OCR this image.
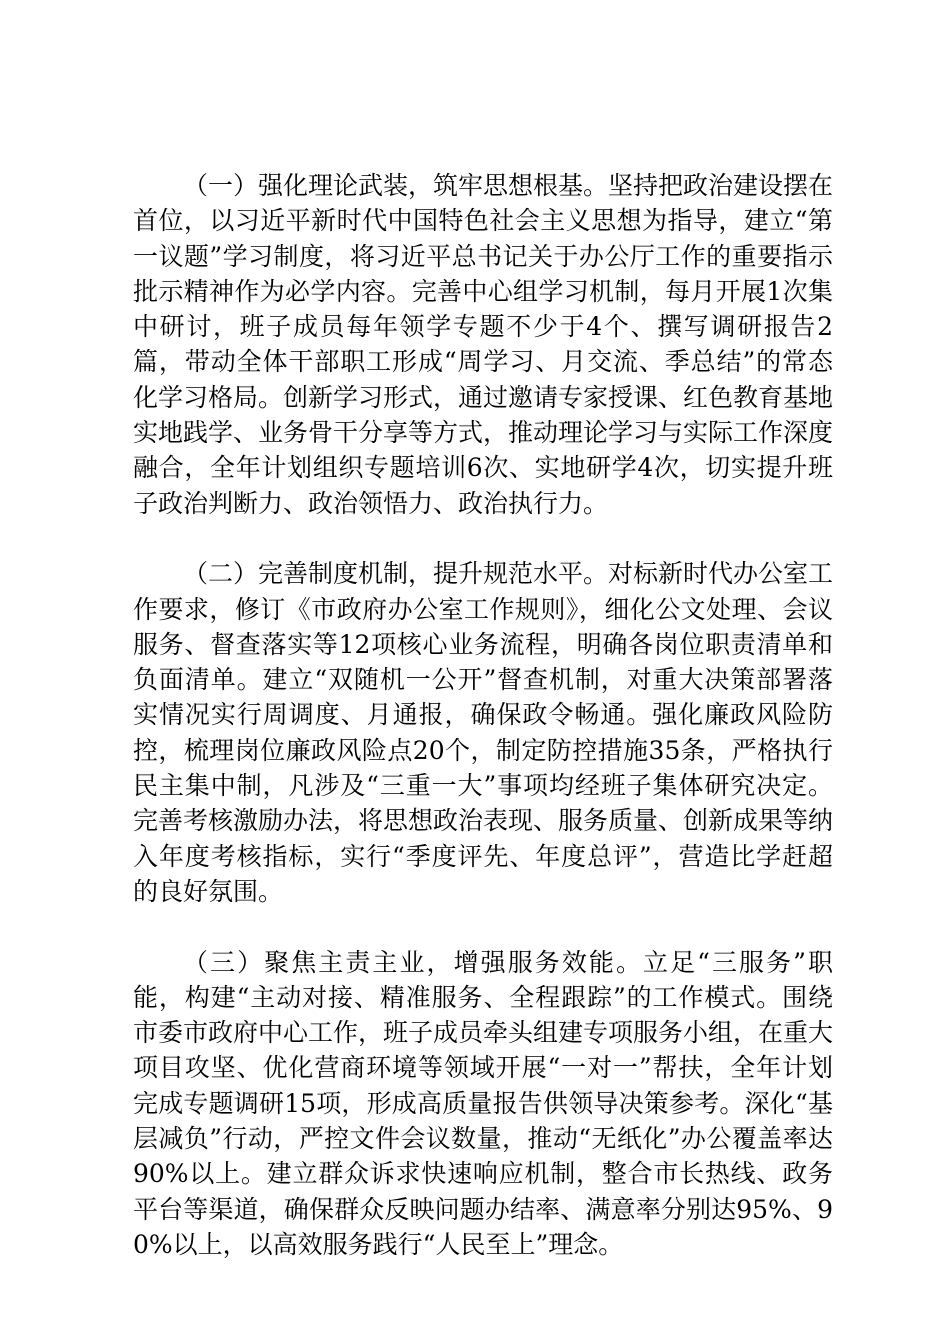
（一）强化理论武装，筑牢思想根基。坚持把政治建设摆在首位，以习近平新时代中国特色社会主义思想为指导，建立“第一议题”学习制度，将习近平总书记关于办公厅工作的重要指示批示精神作为必学内容。完善中心组学习机制，每月开展1次集中研讨，班子成员每年领学专题不少于4个、撰写调研报告2篇，带动全体干部职工形成“周学习、月交流、季总结”的常态化学习格局。创新学习形式，通过邀请专家授课、红色教育基地实地践学、业务骨干分享等方式，推动理论学习与实际工作深度融合，全年计划组织专题培训6次、实地研学4次，切实提升班子政治判断力、政治领悟力、政治执行力。

（二）完善制度机制，提升规范水平。对标新时代办公室工作要求，修订《市政府办公室工作规则》，细化公文处理、会议服务、督查落实等12项核心业务流程，明确各岗位职责清单和负面清单。建立“双随机一公开”督查机制，对重大决策部署落实情况实行周调度、月通报，确保政令畅通。强化廉政风险防控，梳理岗位廉政风险点20个，制定防控措施35条，严格执行民主集中制，凡涉及“三重一大”事项均经班子集体研究决定。完善考核激励办法，将思想政治表现、服务质量、创新成果等纳入年度考核指标，实行“季度评先、年度总评”，营造比学赶超的良好氛围。

（三）聚焦主责主业，增强服务效能。立足“三服务”职能，构建“主动对接、精准服务、全程跟踪”的工作模式。围绕市委市政府中心工作，班子成员牵头组建专项服务小组，在重大项目攻坚、优化营商环境等领域开展“一对一”帮扶，全年计划完成专题调研15项，形成高质量报告供领导决策参考。深化“基层减负”行动，严控文件会议数量，推动“无纸化”办公覆盖率达90%以上。建立群众诉求快速响应机制，整合市长热线、政务平台等渠道，确保群众反映问题办结率、满意率分别达95%、90%以上，以高效服务践行“人民至上”理念。
